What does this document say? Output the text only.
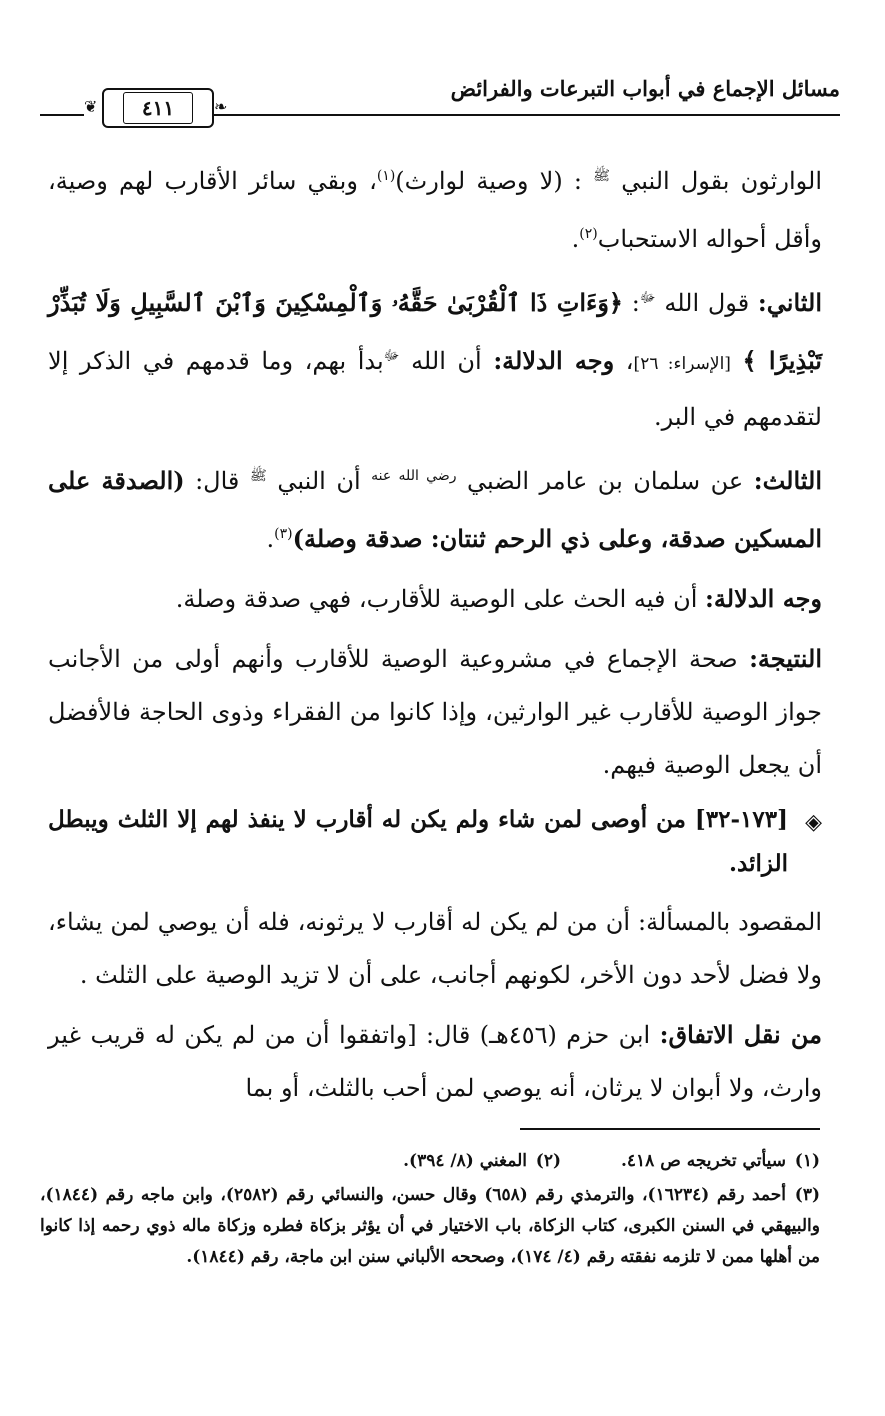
مسائل الإجماع في أبواب التبرعات والفرائض
❦	٤١١	❧

الوارثون بقول النبي $^ﷺ$ : (لا وصية لوارث)$^{(١)}$، وبقي سائر الأقارب لهم وصية، وأقل أحواله الاستحباب$^{(٢)}$.

الثاني: قول الله $^ﷻ$: ﴿وَءَاتِ ذَا ٱلْقُرْبَىٰ حَقَّهُۥ وَٱلْمِسْكِينَ وَٱبْنَ ٱلسَّبِيلِ وَلَا تُبَذِّرْ تَبْذِيرًا ﴾ [الإسراء: ٢٦]، وجه الدلالة: أن الله $^ﷻ$بدأ بهم، وما قدمهم في الذكر إلا لتقدمهم في البر.

الثالث: عن سلمان بن عامر الضبي $^{رضي الله عنه}$ أن النبي $^ﷺ$ قال: (الصدقة على المسكين صدقة، وعلى ذي الرحم ثنتان: صدقة وصلة)$^{(٣)}$.

وجه الدلالة: أن فيه الحث على الوصية للأقارب، فهي صدقة وصلة.

النتيجة: صحة الإجماع في مشروعية الوصية للأقارب وأنهم أولى من الأجانب جواز الوصية للأقارب غير الوارثين، وإذا كانوا من الفقراء وذوى الحاجة فالأفضل أن يجعل الوصية فيهم.

◈
[١٧٣-٣٢] من أوصى لمن شاء ولم يكن له أقارب لا ينفذ لهم إلا الثلث ويبطل الزائد.

المقصود بالمسألة: أن من لم يكن له أقارب لا يرثونه، فله أن يوصي لمن يشاء، ولا فضل لأحد دون الأخر، لكونهم أجانب، على أن لا تزيد الوصية على الثلث .

من نقل الاتفاق: ابن حزم (٤٥٦هـ) قال: [واتفقوا أن من لم يكن له قريب غير وارث، ولا أبوان لا يرثان، أنه يوصي لمن أحب بالثلث، أو بما

(١)سيأتي تخريجه ص ٤١٨.
(٢)المغني (٨/ ٣٩٤).
(٣)أحمد رقم (١٦٢٣٤)، والترمذي رقم (٦٥٨) وقال حسن، والنسائي رقم (٢٥٨٢)، وابن ماجه رقم (١٨٤٤)، والبيهقي في السنن الكبرى، كتاب الزكاة، باب الاختيار في أن يؤثر بزكاة فطره وزكاة ماله ذوي رحمه إذا كانوا من أهلها ممن لا تلزمه نفقته رقم (٤/ ١٧٤)، وصححه الألباني سنن ابن ماجة، رقم (١٨٤٤).
